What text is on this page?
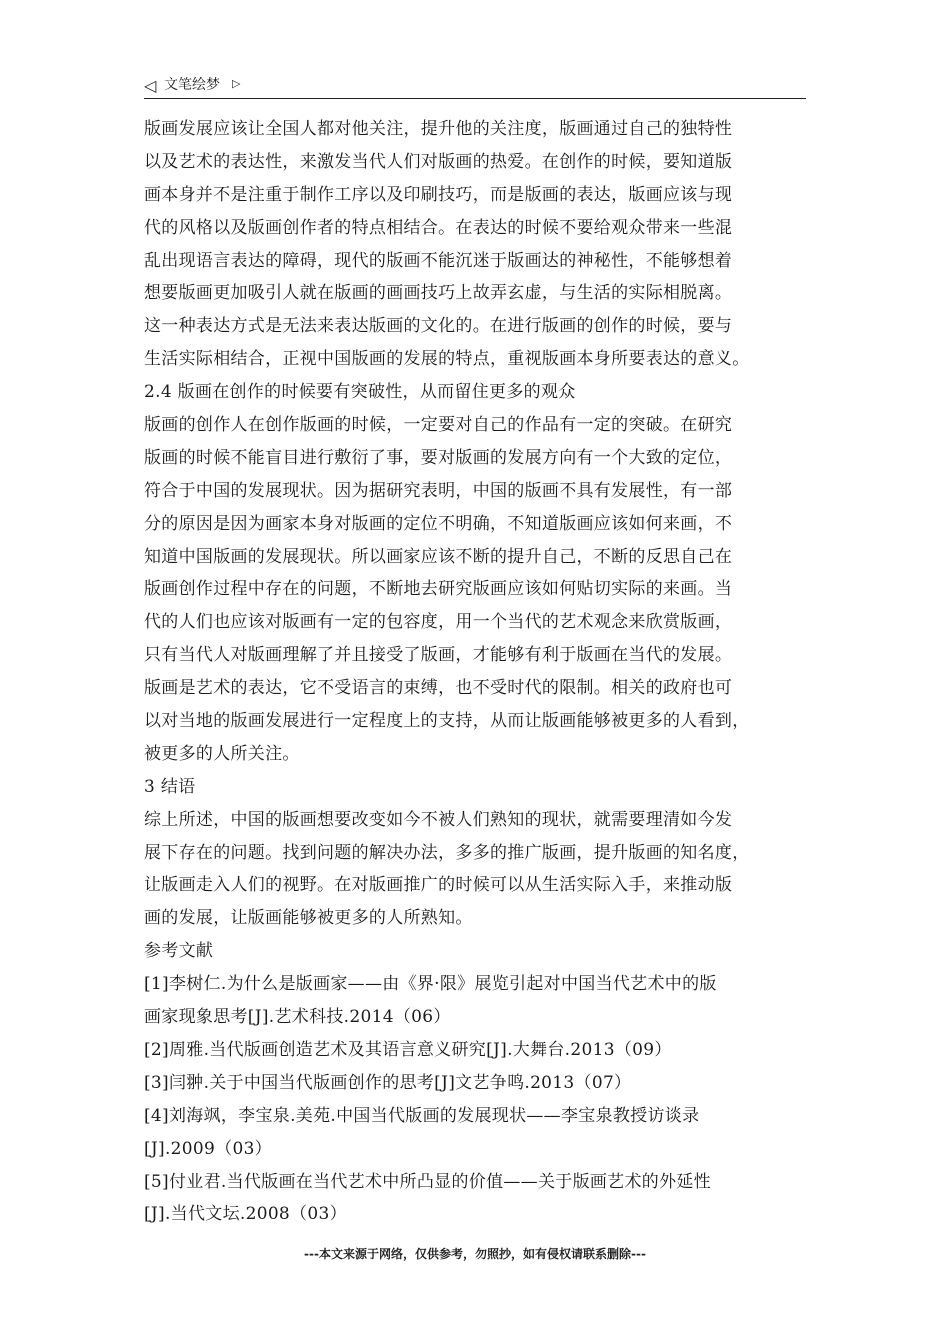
◁ 文笔绘梦 ▷
版画发展应该让全国人都对他关注，提升他的关注度，版画通过自己的独特性
以及艺术的表达性，来激发当代人们对版画的热爱。在创作的时候，要知道版
画本身并不是注重于制作工序以及印刷技巧，而是版画的表达，版画应该与现
代的风格以及版画创作者的特点相结合。在表达的时候不要给观众带来一些混
乱出现语言表达的障碍，现代的版画不能沉迷于版画达的神秘性，不能够想着
想要版画更加吸引人就在版画的画画技巧上故弄玄虚，与生活的实际相脱离。
这一种表达方式是无法来表达版画的文化的。在进行版画的创作的时候，要与
生活实际相结合，正视中国版画的发展的特点，重视版画本身所要表达的意义。
2.4 版画在创作的时候要有突破性，从而留住更多的观众
版画的创作人在创作版画的时候，一定要对自己的作品有一定的突破。在研究
版画的时候不能盲目进行敷衍了事，要对版画的发展方向有一个大致的定位，
符合于中国的发展现状。因为据研究表明，中国的版画不具有发展性，有一部
分的原因是因为画家本身对版画的定位不明确，不知道版画应该如何来画，不
知道中国版画的发展现状。所以画家应该不断的提升自己，不断的反思自己在
版画创作过程中存在的问题，不断地去研究版画应该如何贴切实际的来画。当
代的人们也应该对版画有一定的包容度，用一个当代的艺术观念来欣赏版画，
只有当代人对版画理解了并且接受了版画，才能够有利于版画在当代的发展。
版画是艺术的表达，它不受语言的束缚，也不受时代的限制。相关的政府也可
以对当地的版画发展进行一定程度上的支持，从而让版画能够被更多的人看到，
被更多的人所关注。
3 结语
综上所述，中国的版画想要改变如今不被人们熟知的现状，就需要理清如今发
展下存在的问题。找到问题的解决办法，多多的推广版画，提升版画的知名度，
让版画走入人们的视野。在对版画推广的时候可以从生活实际入手，来推动版
画的发展，让版画能够被更多的人所熟知。
参考文献
[1]李树仁.为什么是版画家——由《界·限》展览引起对中国当代艺术中的版
画家现象思考[J].艺术科技.2014（06）
[2]周雅.当代版画创造艺术及其语言意义研究[J].大舞台.2013（09）
[3]闫翀.关于中国当代版画创作的思考[J]文艺争鸣.2013（07）
[4]刘海飒，李宝泉.美苑.中国当代版画的发展现状——李宝泉教授访谈录
[J].2009（03）
[5]付业君.当代版画在当代艺术中所凸显的价值——关于版画艺术的外延性
[J].当代文坛.2008（03）
---本文来源于网络，仅供参考，勿照抄，如有侵权请联系删除---
